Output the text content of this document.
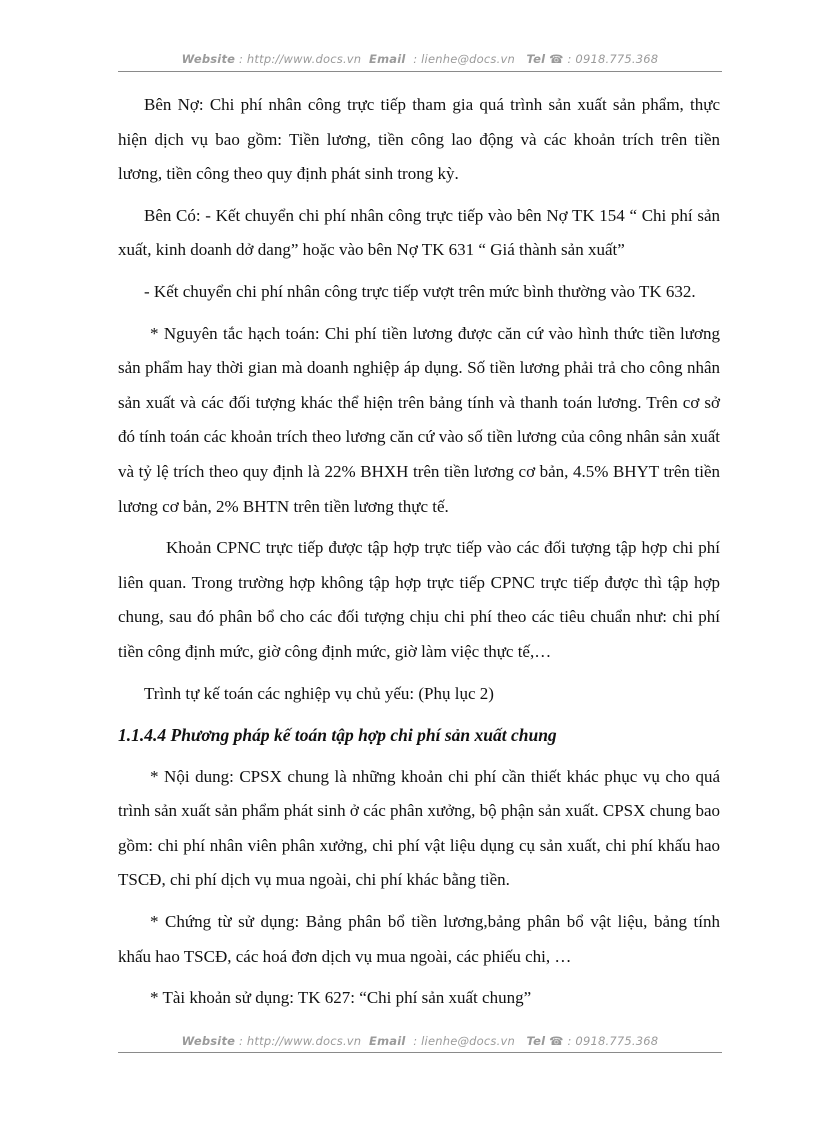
Website : http://www.docs.vn Email : lienhe@docs.vn Tel ☎ : 0918.775.368

Bên Nợ: Chi phí nhân công trực tiếp tham gia quá trình sản xuất sản phẩm, thực hiện dịch vụ bao gồm: Tiền lương, tiền công lao động và các khoản trích trên tiền lương, tiền công theo quy định phát sinh trong kỳ.

Bên Có: - Kết chuyển chi phí nhân công trực tiếp vào bên Nợ TK 154 “ Chi phí sản xuất, kinh doanh dở dang” hoặc vào bên Nợ TK 631 “ Giá thành sản xuất”

- Kết chuyển chi phí nhân công trực tiếp vượt trên mức bình thường vào TK 632.

* Nguyên tắc hạch toán: Chi phí tiền lương được căn cứ vào hình thức tiền lương sản phẩm hay thời gian mà doanh nghiệp áp dụng. Số tiền lương phải trả cho công nhân sản xuất và các đối tượng khác thể hiện trên bảng tính và thanh toán lương. Trên cơ sở đó tính toán các khoản trích theo lương căn cứ vào số tiền lương của công nhân sản xuất và tỷ lệ trích theo quy định là 22% BHXH trên tiền lương cơ bản, 4.5% BHYT trên tiền lương cơ bản, 2% BHTN trên tiền lương thực tế.

Khoản CPNC trực tiếp được tập hợp trực tiếp vào các đối tượng tập hợp chi phí liên quan. Trong trường hợp không tập hợp trực tiếp CPNC trực tiếp được thì tập hợp chung, sau đó phân bổ cho các đối tượng chịu chi phí theo các tiêu chuẩn như: chi phí tiền công định mức, giờ công định mức, giờ làm việc thực tế,…

Trình tự kế toán các nghiệp vụ chủ yếu: (Phụ lục 2)

1.1.4.4 Phương pháp kế toán tập hợp chi phí sản xuất chung

* Nội dung: CPSX chung là những khoản chi phí cần thiết khác phục vụ cho quá trình sản xuất sản phẩm phát sinh ở các phân xưởng, bộ phận sản xuất. CPSX chung bao gồm: chi phí nhân viên phân xưởng, chi phí vật liệu dụng cụ sản xuất, chi phí khấu hao TSCĐ, chi phí dịch vụ mua ngoài, chi phí khác bằng tiền.

* Chứng từ sử dụng: Bảng phân bổ tiền lương,bảng phân bổ vật liệu, bảng tính khấu hao TSCĐ, các hoá đơn dịch vụ mua ngoài, các phiếu chi, …

* Tài khoản sử dụng: TK 627: “Chi phí sản xuất chung”

Website : http://www.docs.vn Email : lienhe@docs.vn Tel ☎ : 0918.775.368
